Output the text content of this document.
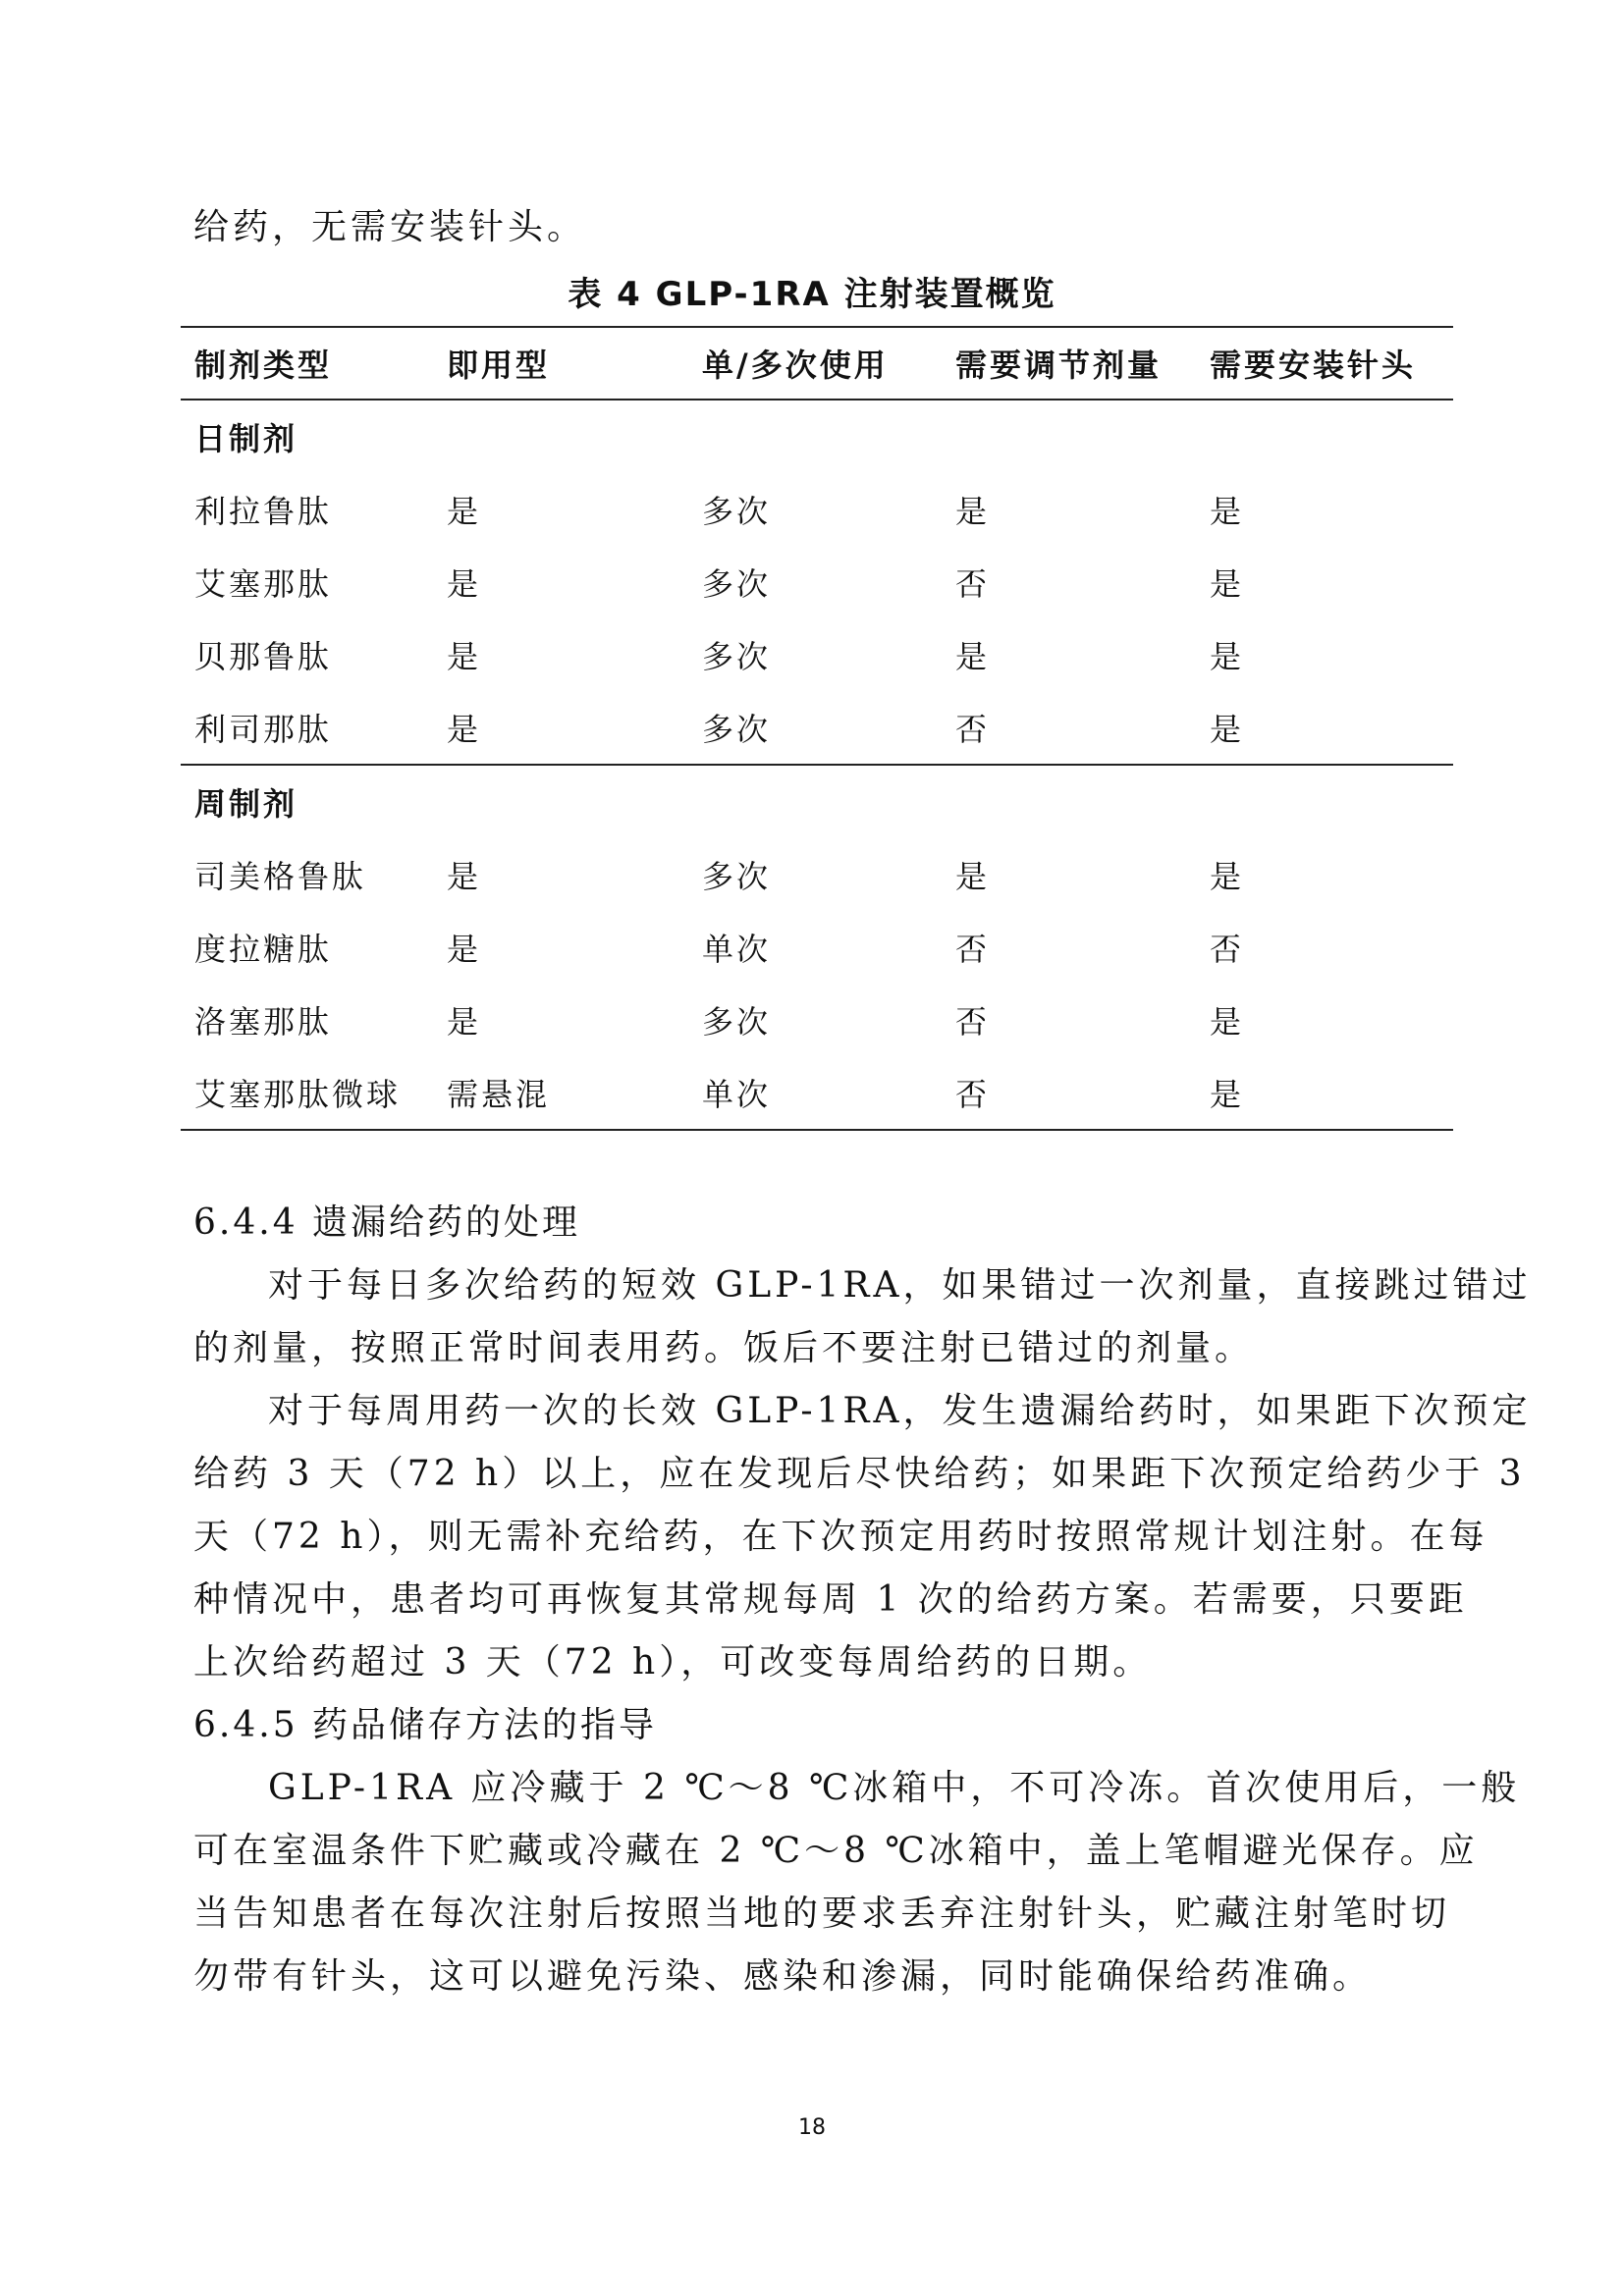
给药，无需安装针头。
表 4 GLP-1RA 注射装置概览
制剂类型	即用型	单/多次使用	需要调节剂量	需要安装针头
日制剂				
利拉鲁肽	是	多次	是	是
艾塞那肽	是	多次	否	是
贝那鲁肽	是	多次	是	是
利司那肽	是	多次	否	是
周制剂				
司美格鲁肽	是	多次	是	是
度拉糖肽	是	单次	否	否
洛塞那肽	是	多次	否	是
艾塞那肽微球	需悬混	单次	否	是
6.4.4 遗漏给药的处理
对于每日多次给药的短效 GLP-1RA，如果错过一次剂量，直接跳过错过
的剂量，按照正常时间表用药。饭后不要注射已错过的剂量。
对于每周用药一次的长效 GLP-1RA，发生遗漏给药时，如果距下次预定
给药 3 天（72 h）以上，应在发现后尽快给药；如果距下次预定给药少于 3
天（72 h），则无需补充给药，在下次预定用药时按照常规计划注射。在每
种情况中，患者均可再恢复其常规每周 1 次的给药方案。若需要，只要距
上次给药超过 3 天（72 h），可改变每周给药的日期。
6.4.5 药品储存方法的指导
GLP-1RA 应冷藏于 2 ℃～8 ℃冰箱中，不可冷冻。首次使用后，一般
可在室温条件下贮藏或冷藏在 2 ℃～8 ℃冰箱中，盖上笔帽避光保存。应
当告知患者在每次注射后按照当地的要求丢弃注射针头，贮藏注射笔时切
勿带有针头，这可以避免污染、感染和渗漏，同时能确保给药准确。
18
